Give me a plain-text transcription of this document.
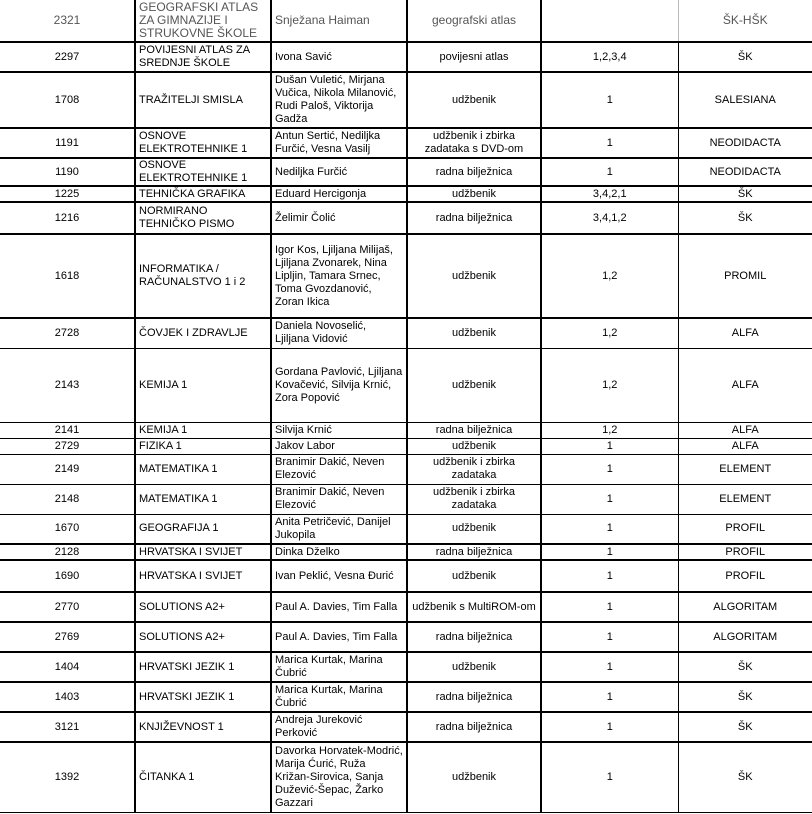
2321	GEOGRAFSKI ATLAS ZA GIMNAZIJE I STRUKOVNE ŠKOLE	Snježana Haiman	geografski atlas		ŠK-HŠK
2297	POVIJESNI ATLAS ZA SREDNJE ŠKOLE	Ivona Savić	povijesni atlas	1,2,3,4	ŠK
1708	TRAŽITELJI SMISLA	Dušan Vuletić, Mirjana Vučica, Nikola Milanović, Rudi Paloš, Viktorija Gadža	udžbenik	1	SALESIANA
1191	OSNOVE ELEKTROTEHNIKE 1	Antun Sertić, Nedilјka Furčić, Vesna Vasilj	udžbenik i zbirka zadataka s DVD-om	1	NEODIDACTA
1190	OSNOVE ELEKTROTEHNIKE 1	Nedilјka Furčić	radna bilježnica	1	NEODIDACTA
1225	TEHNIČKA GRAFIKA	Eduard Hercigonja	udžbenik	3,4,2,1	ŠK
1216	NORMIRANO TEHNIČKO PISMO	Želimir Čolić	radna bilježnica	3,4,1,2	ŠK
1618	INFORMATIKA / RAČUNALSTVO 1 i 2	Igor Kos, Ljiljana Milijaš, Ljiljana Zvonarek, Nina Lipljin, Tamara Srnec, Toma Gvozdanović, Zoran Ikica	udžbenik	1,2	PROMIL
2728	ČOVJEK I ZDRAVLJE	Daniela Novoselić, Ljiljana Vidović	udžbenik	1,2	ALFA
2143	KEMIJA 1	Gordana Pavlović, Ljiljana Kovačević, Silvija Krnić, Zora Popović	udžbenik	1,2	ALFA
2141	KEMIJA 1	Silvija Krnić	radna bilježnica	1,2	ALFA
2729	FIZIKA 1	Jakov Labor	udžbenik	1	ALFA
2149	MATEMATIKA 1	Branimir Dakić, Neven Elezović	udžbenik i zbirka zadataka	1	ELEMENT
2148	MATEMATIKA 1	Branimir Dakić, Neven Elezović	udžbenik i zbirka zadataka	1	ELEMENT
1670	GEOGRAFIJA 1	Anita Petričević, Danijel Jukopila	udžbenik	1	PROFIL
2128	HRVATSKA I SVIJET	Dinka Dželko	radna bilježnica	1	PROFIL
1690	HRVATSKA I SVIJET	Ivan Peklić, Vesna Đurić	udžbenik	1	PROFIL
2770	SOLUTIONS A2+	Paul A. Davies, Tim Falla	udžbenik s MultiROM-om	1	ALGORITAM
2769	SOLUTIONS A2+	Paul A. Davies, Tim Falla	radna bilježnica	1	ALGORITAM
1404	HRVATSKI JEZIK 1	Marica Kurtak, Marina Čubrić	udžbenik	1	ŠK
1403	HRVATSKI JEZIK 1	Marica Kurtak, Marina Čubrić	radna bilježnica	1	ŠK
3121	KNJIŽEVNOST 1	Andreja Jureković Perković	radna bilježnica	1	ŠK
1392	ČITANKA 1	Davorka Horvatek-Modrić, Marija Ćurić, Ruža Križan-Sirovica, Sanja Dužević-Šepac, Žarko Gazzari	udžbenik	1	ŠK
